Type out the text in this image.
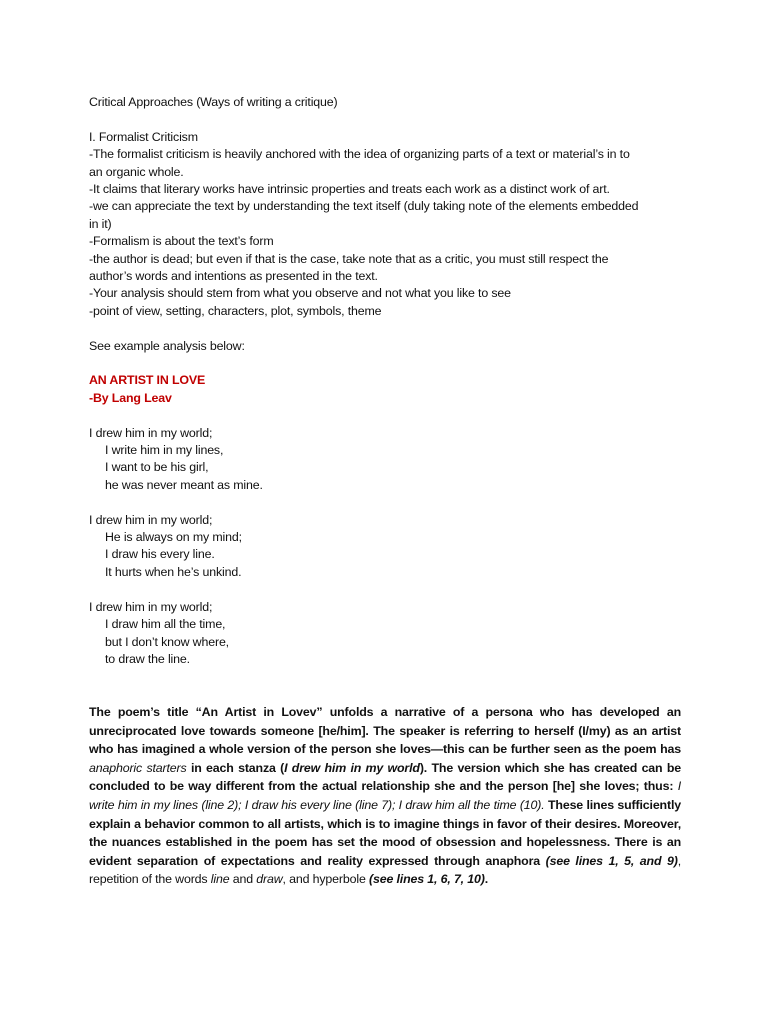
Critical Approaches (Ways of writing a critique)
I. Formalist Criticism
-The formalist criticism is heavily anchored with the idea of organizing parts of a text or material’s in to
an organic whole.
-It claims that literary works have intrinsic properties and treats each work as a distinct work of art.
-we can appreciate the text by understanding the text itself (duly taking note of the elements embedded
in it)
-Formalism is about the text’s form
-the author is dead; but even if that is the case, take note that as a critic, you must still respect the
author’s words and intentions as presented in the text.
-Your analysis should stem from what you observe and not what you like to see
-point of view, setting, characters, plot, symbols, theme
See example analysis below:
AN ARTIST IN LOVE
-By Lang Leav
I drew him in my world;
I write him in my lines,
I want to be his girl,
he was never meant as mine.
I drew him in my world;
He is always on my mind;
I draw his every line.
It hurts when he’s unkind.
I drew him in my world;
I draw him all the time,
but I don’t know where,
to draw the line.

The poem’s title “An Artist in Lovev” unfolds a narrative of a persona who has developed an unreciprocated love towards someone [he/him]. The speaker is referring to herself (I/my) as an artist who has imagined a whole version of the person she loves—this can be further seen as the poem has anaphoric starters in each stanza (I drew him in my world). The version which she has created can be concluded to be way different from the actual relationship she and the person [he] she loves; thus: I write him in my lines (line 2); I draw his every line (line 7); I draw him all the time (10). These lines sufficiently explain a behavior common to all artists, which is to imagine things in favor of their desires. Moreover, the nuances established in the poem has set the mood of obsession and hopelessness. There is an evident separation of expectations and reality expressed through anaphora (see lines 1, 5, and 9), repetition of the words line and draw, and hyperbole (see lines 1, 6, 7, 10).
